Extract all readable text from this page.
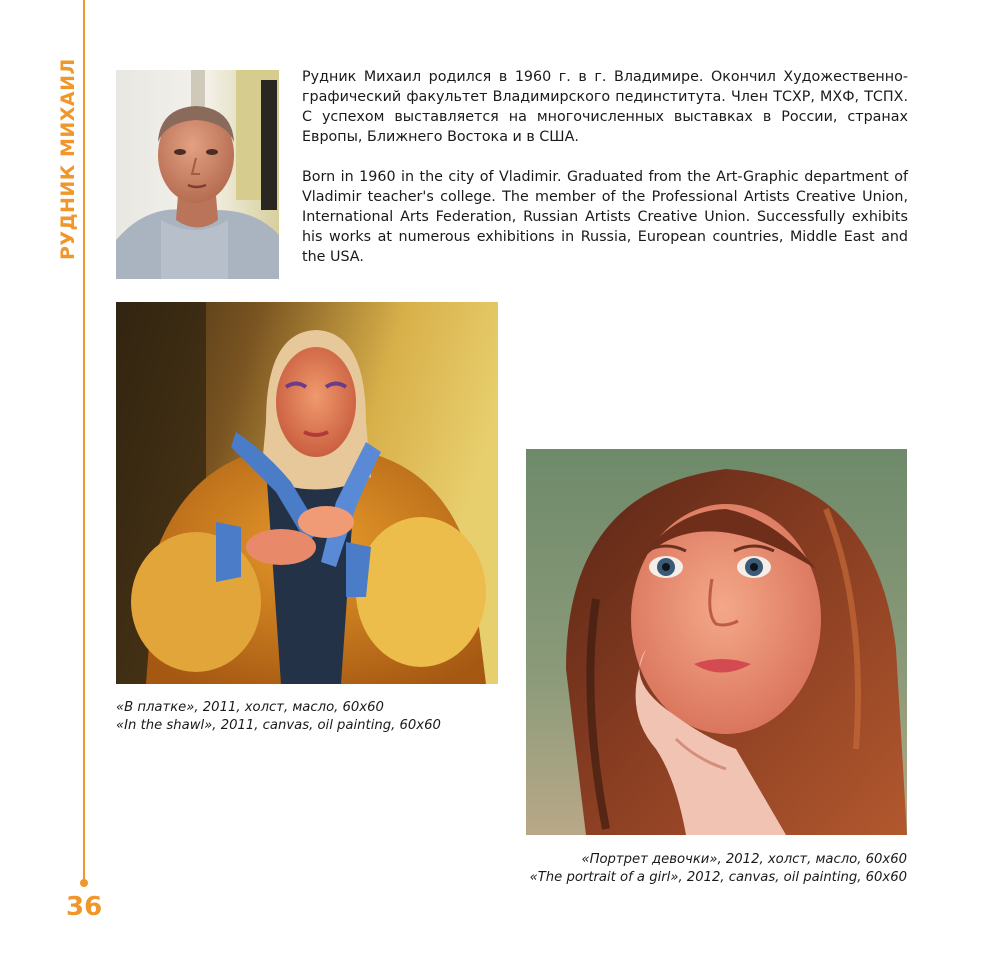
РУДНИК МИХАИЛ
36

Рудник Михаил родился в 1960 г. в г. Владимире. Окончил Художественно-графический факультет Владимирского пединститута. Член ТСХР, МХФ, ТСПХ. С успехом выставляется на многочисленных выставках в России, странах Европы, Ближнего Востока и в США.

Born in 1960 in the city of Vladimir. Graduated from the Art-Graphic department of Vladimir teacher's college. The member of the Professional Artists Creative Union, International Arts Federation, Russian Artists Creative Union. Successfully exhibits his works at numerous exhibitions in Russia, European countries, Middle East and the USA.

«В платке», 2011, холст, масло, 60x60
«In the shawl», 2011, canvas, oil painting, 60x60
«Портрет девочки», 2012, холст, масло, 60x60
«The portrait of a girl», 2012, canvas, oil painting, 60x60
